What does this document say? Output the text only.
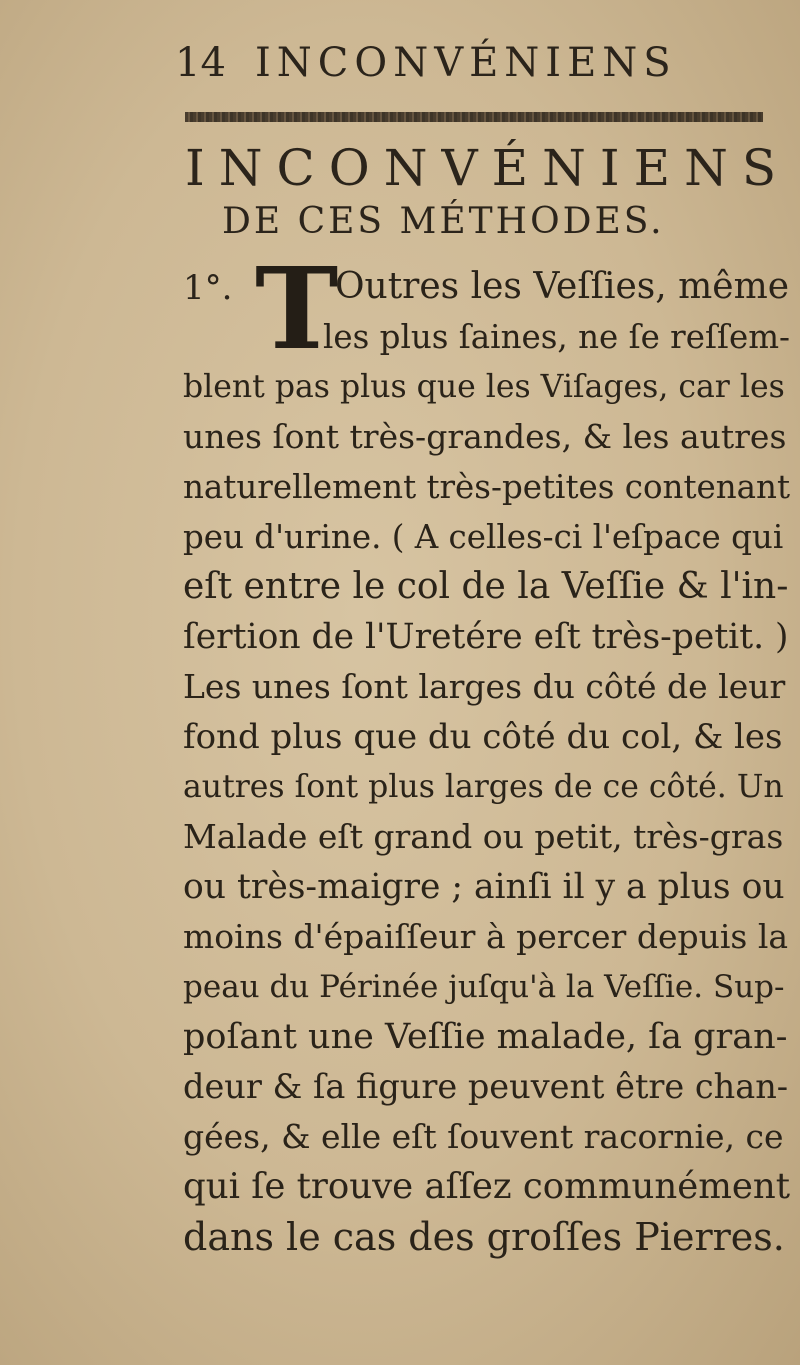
14 INCONVÉNIENS
INCONVÉNIENS
DE CES MÉTHODES.
1°. T
Outres les Veſſies, même
les plus ſaines, ne ſe reſſem-
blent pas plus que les Viſages, car les
unes ſont très-grandes, & les autres
naturellement très-petites contenant
peu d'urine. ( A celles-ci l'eſpace qui
eſt entre le col de la Veſſie & l'in-
ſertion de l'Uretére eſt très-petit. )
Les unes ſont larges du côté de leur
fond plus que du côté du col, & les
autres ſont plus larges de ce côté. Un
Malade eſt grand ou petit, très-gras
ou très-maigre ; ainſi il y a plus ou
moins d'épaiſſeur à percer depuis la
peau du Périnée juſqu'à la Veſſie. Sup-
poſant une Veſſie malade, ſa gran-
deur & ſa figure peuvent être chan-
gées, & elle eſt ſouvent racornie, ce
qui ſe trouve aſſez communément
dans le cas des groſſes Pierres.
